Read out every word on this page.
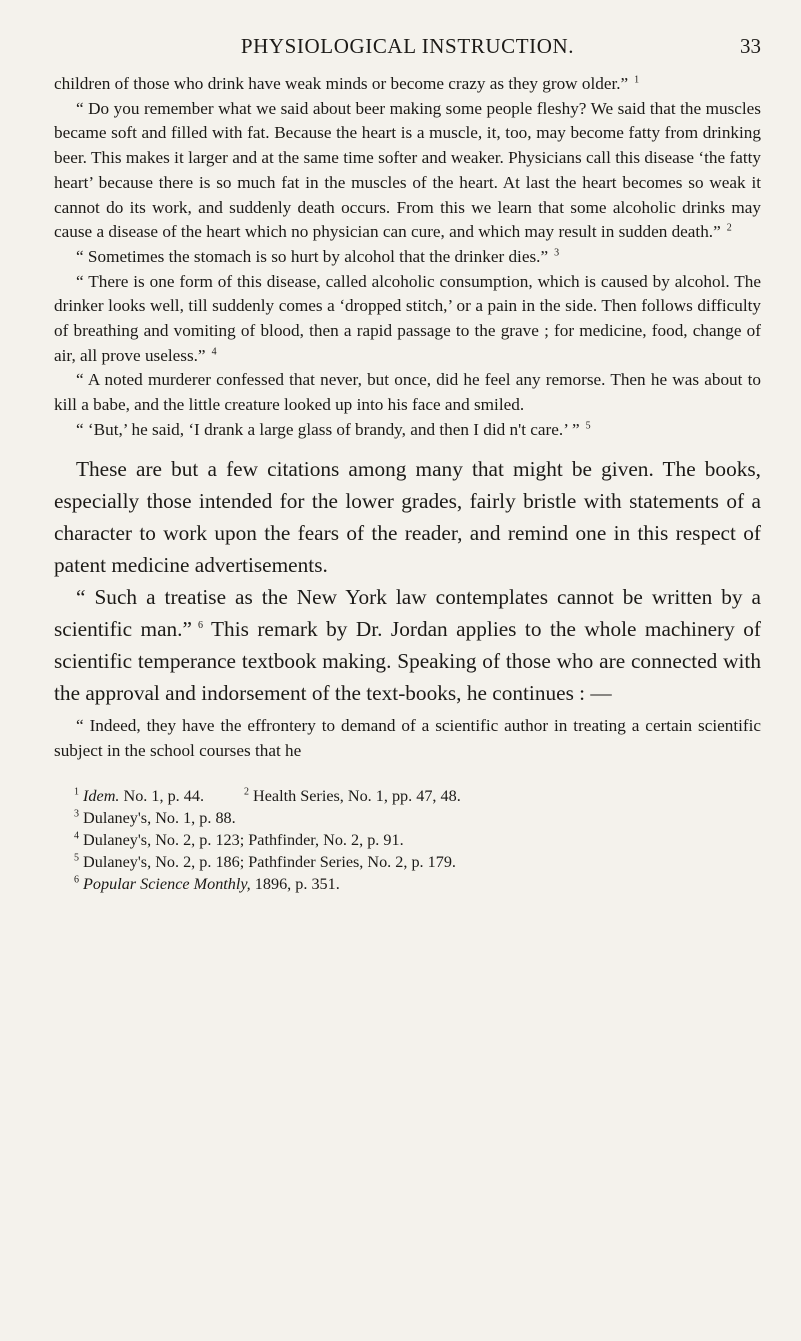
PHYSIOLOGICAL INSTRUCTION.	33

children of those who drink have weak minds or become crazy as they grow older.” $^1$

“ Do you remember what we said about beer making some people fleshy? We said that the muscles became soft and filled with fat. Because the heart is a muscle, it, too, may become fatty from drinking beer. This makes it larger and at the same time softer and weaker. Physicians call this disease ‘the fatty heart’ because there is so much fat in the muscles of the heart. At last the heart becomes so weak it cannot do its work, and suddenly death occurs. From this we learn that some alcoholic drinks may cause a disease of the heart which no physician can cure, and which may result in sudden death.” $^2$

“ Sometimes the stomach is so hurt by alcohol that the drinker dies.” $^3$

“ There is one form of this disease, called alcoholic consumption, which is caused by alcohol. The drinker looks well, till suddenly comes a ‘dropped stitch,’ or a pain in the side. Then follows difficulty of breathing and vomiting of blood, then a rapid passage to the grave ; for medicine, food, change of air, all prove useless.” $^4$

“ A noted murderer confessed that never, but once, did he feel any remorse. Then he was about to kill a babe, and the little creature looked up into his face and smiled.

“ ‘But,’ he said, ‘I drank a large glass of brandy, and then I did n't care.’ ” $^5$

These are but a few citations among many that might be given. The books, especially those intended for the lower grades, fairly bristle with statements of a character to work upon the fears of the reader, and remind one in this respect of patent medicine advertisements.

“ Such a treatise as the New York law contemplates cannot be written by a scientific man.” $^6$ This remark by Dr. Jordan applies to the whole machinery of scientific temperance textbook making. Speaking of those who are connected with the approval and indorsement of the text-books, he continues : —

“ Indeed, they have the effrontery to demand of a scientific author in treating a certain scientific subject in the school courses that he

$^1$ Idem. No. 1, p. 44.	$^2$ Health Series, No. 1, pp. 47, 48.
$^3$ Dulaney's, No. 1, p. 88.
$^4$ Dulaney's, No. 2, p. 123; Pathfinder, No. 2, p. 91.
$^5$ Dulaney's, No. 2, p. 186; Pathfinder Series, No. 2, p. 179.
$^6$ Popular Science Monthly, 1896, p. 351.
